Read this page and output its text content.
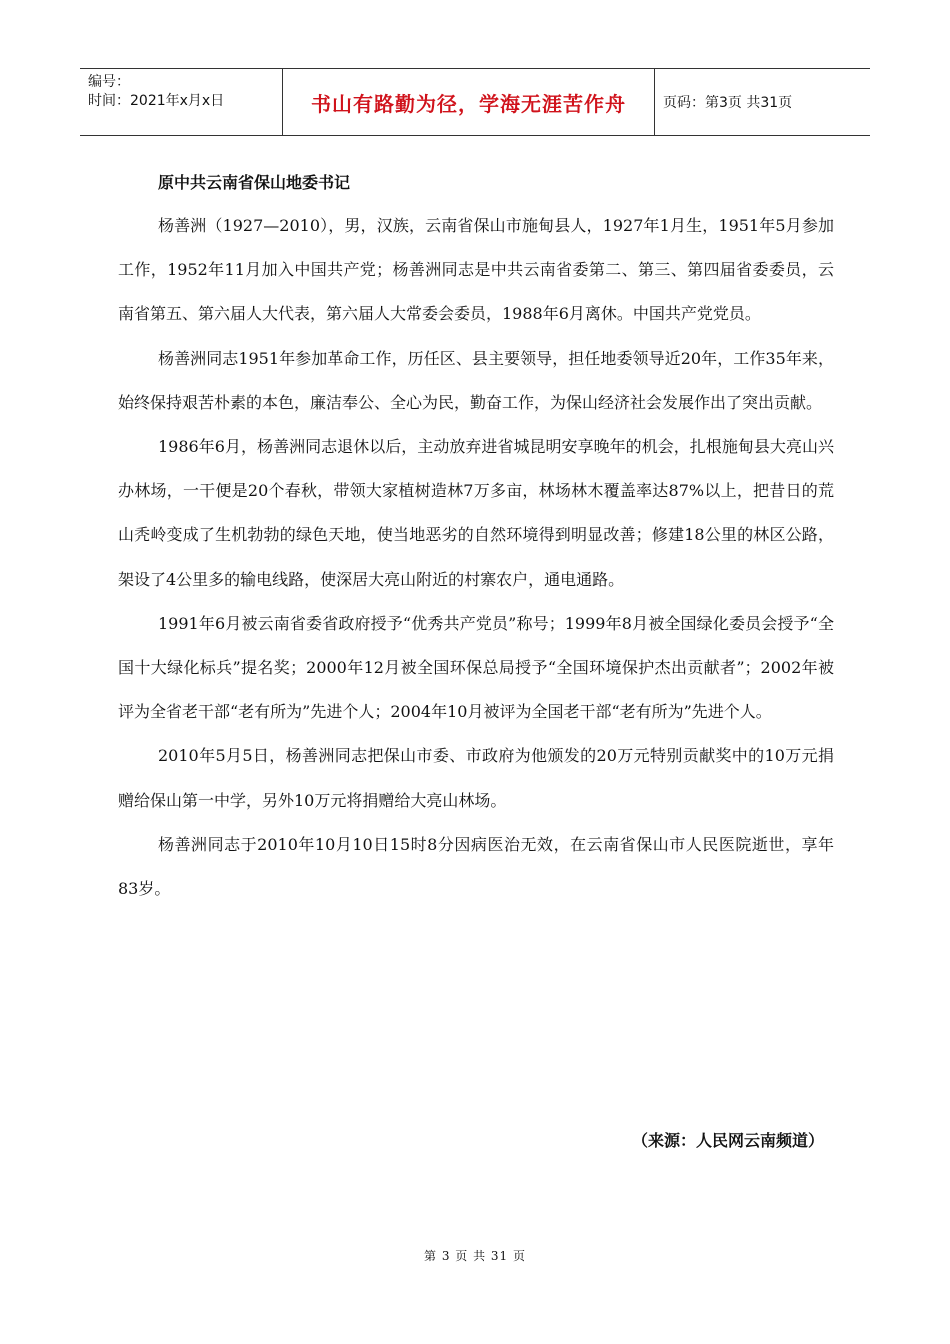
编号：
时间：2021年x月x日	书山有路勤为径，学海无涯苦作舟	页码：第3页 共31页
原中共云南省保山地委书记

杨善洲（1927—2010），男，汉族，云南省保山市施甸县人，1927年1月生，1951年5月参加工作，1952年11月加入中国共产党；杨善洲同志是中共云南省委第二、第三、第四届省委委员，云南省第五、第六届人大代表，第六届人大常委会委员，1988年6月离休。中国共产党党员。

杨善洲同志1951年参加革命工作，历任区、县主要领导，担任地委领导近20年，工作35年来，始终保持艰苦朴素的本色，廉洁奉公、全心为民，勤奋工作，为保山经济社会发展作出了突出贡献。

1986年6月，杨善洲同志退休以后，主动放弃进省城昆明安享晚年的机会，扎根施甸县大亮山兴办林场，一干便是20个春秋，带领大家植树造林7万多亩，林场林木覆盖率达87%以上，把昔日的荒山秃岭变成了生机勃勃的绿色天地，使当地恶劣的自然环境得到明显改善；修建18公里的林区公路，架设了4公里多的输电线路，使深居大亮山附近的村寨农户，通电通路。

1991年6月被云南省委省政府授予“优秀共产党员”称号；1999年8月被全国绿化委员会授予“全国十大绿化标兵”提名奖；2000年12月被全国环保总局授予“全国环境保护杰出贡献者”；2002年被评为全省老干部“老有所为”先进个人；2004年10月被评为全国老干部“老有所为”先进个人。

2010年5月5日，杨善洲同志把保山市委、市政府为他颁发的20万元特别贡献奖中的10万元捐赠给保山第一中学，另外10万元将捐赠给大亮山林场。

杨善洲同志于2010年10月10日15时8分因病医治无效，在云南省保山市人民医院逝世，享年83岁。

（来源：人民网云南频道）
第 3 页 共 31 页
